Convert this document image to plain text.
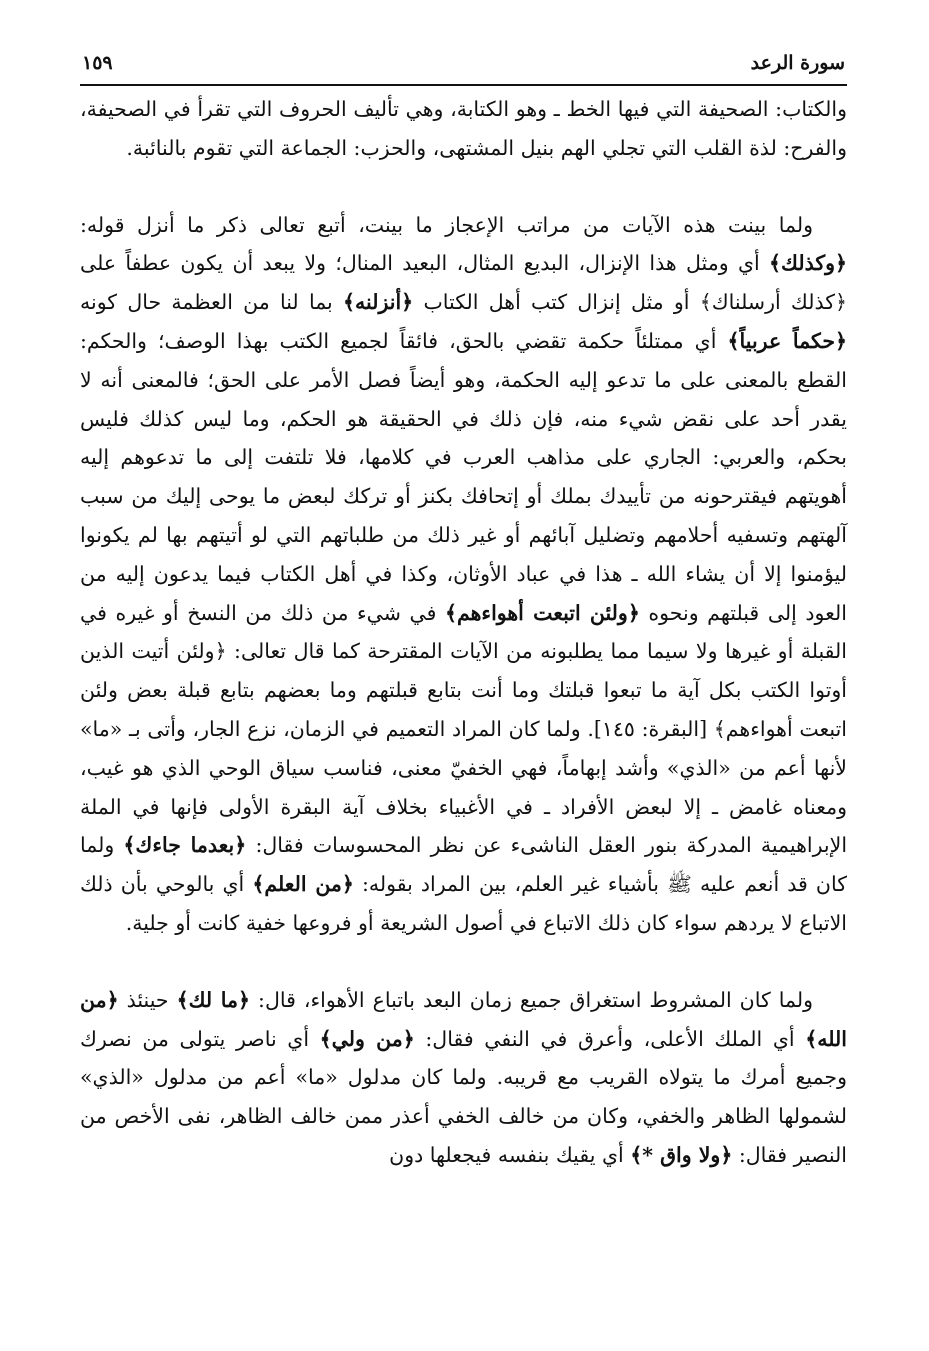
سورة الرعد
١٥٩

والكتاب: الصحيفة التي فيها الخط ـ وهو الكتابة، وهي تأليف الحروف التي تقرأ في الصحيفة، والفرح: لذة القلب التي تجلي الهم بنيل المشتهى، والحزب: الجماعة التي تقوم بالنائبة.

ولما بينت هذه الآيات من مراتب الإعجاز ما بينت، أتبع تعالى ذكر ما أنزل قوله: ﴿وكذلك﴾ أي ومثل هذا الإنزال، البديع المثال، البعيد المنال؛ ولا يبعد أن يكون عطفاً على ﴿كذلك أرسلناك﴾ أو مثل إنزال كتب أهل الكتاب ﴿أنزلنه﴾ بما لنا من العظمة حال كونه ﴿حكماً عربياً﴾ أي ممتلئاً حكمة تقضي بالحق، فائقاً لجميع الكتب بهذا الوصف؛ والحكم: القطع بالمعنى على ما تدعو إليه الحكمة، وهو أيضاً فصل الأمر على الحق؛ فالمعنى أنه لا يقدر أحد على نقض شيء منه، فإن ذلك في الحقيقة هو الحكم، وما ليس كذلك فليس بحكم، والعربي: الجاري على مذاهب العرب في كلامها، فلا تلتفت إلى ما تدعوهم إليه أهويتهم فيقترحونه من تأييدك بملك أو إتحافك بكنز أو تركك لبعض ما يوحى إليك من سبب آلهتهم وتسفيه أحلامهم وتضليل آبائهم أو غير ذلك من طلباتهم التي لو أتيتهم بها لم يكونوا ليؤمنوا إلا أن يشاء الله ـ هذا في عباد الأوثان، وكذا في أهل الكتاب فيما يدعون إليه من العود إلى قبلتهم ونحوه ﴿ولئن اتبعت أهواءهم﴾ في شيء من ذلك من النسخ أو غيره في القبلة أو غيرها ولا سيما مما يطلبونه من الآيات المقترحة كما قال تعالى: ﴿ولئن أتيت الذين أوتوا الكتب بكل آية ما تبعوا قبلتك وما أنت بتابع قبلتهم وما بعضهم بتابع قبلة بعض ولئن اتبعت أهواءهم﴾ [البقرة: ١٤٥]. ولما كان المراد التعميم في الزمان، نزع الجار، وأتى بـ «ما» لأنها أعم من «الذي» وأشد إبهاماً، فهي الخفيّ معنى، فناسب سياق الوحي الذي هو غيب، ومعناه غامض ـ إلا لبعض الأفراد ـ في الأغبياء بخلاف آية البقرة الأولى فإنها في الملة الإبراهيمية المدركة بنور العقل الناشىء عن نظر المحسوسات فقال: ﴿بعدما جاءك﴾ ولما كان قد أنعم عليه ﷺ بأشياء غير العلم، بين المراد بقوله: ﴿من العلم﴾ أي بالوحي بأن ذلك الاتباع لا يردهم سواء كان ذلك الاتباع في أصول الشريعة أو فروعها خفية كانت أو جلية.

ولما كان المشروط استغراق جميع زمان البعد باتباع الأهواء، قال: ﴿ما لك﴾ حينئذ ﴿من الله﴾ أي الملك الأعلى، وأعرق في النفي فقال: ﴿من ولي﴾ أي ناصر يتولى من نصرك وجميع أمرك ما يتولاه القريب مع قريبه. ولما كان مدلول «ما» أعم من مدلول «الذي» لشمولها الظاهر والخفي، وكان من خالف الخفي أعذر ممن خالف الظاهر، نفى الأخص من النصير فقال: ﴿ولا واق *﴾ أي يقيك بنفسه فيجعلها دون
